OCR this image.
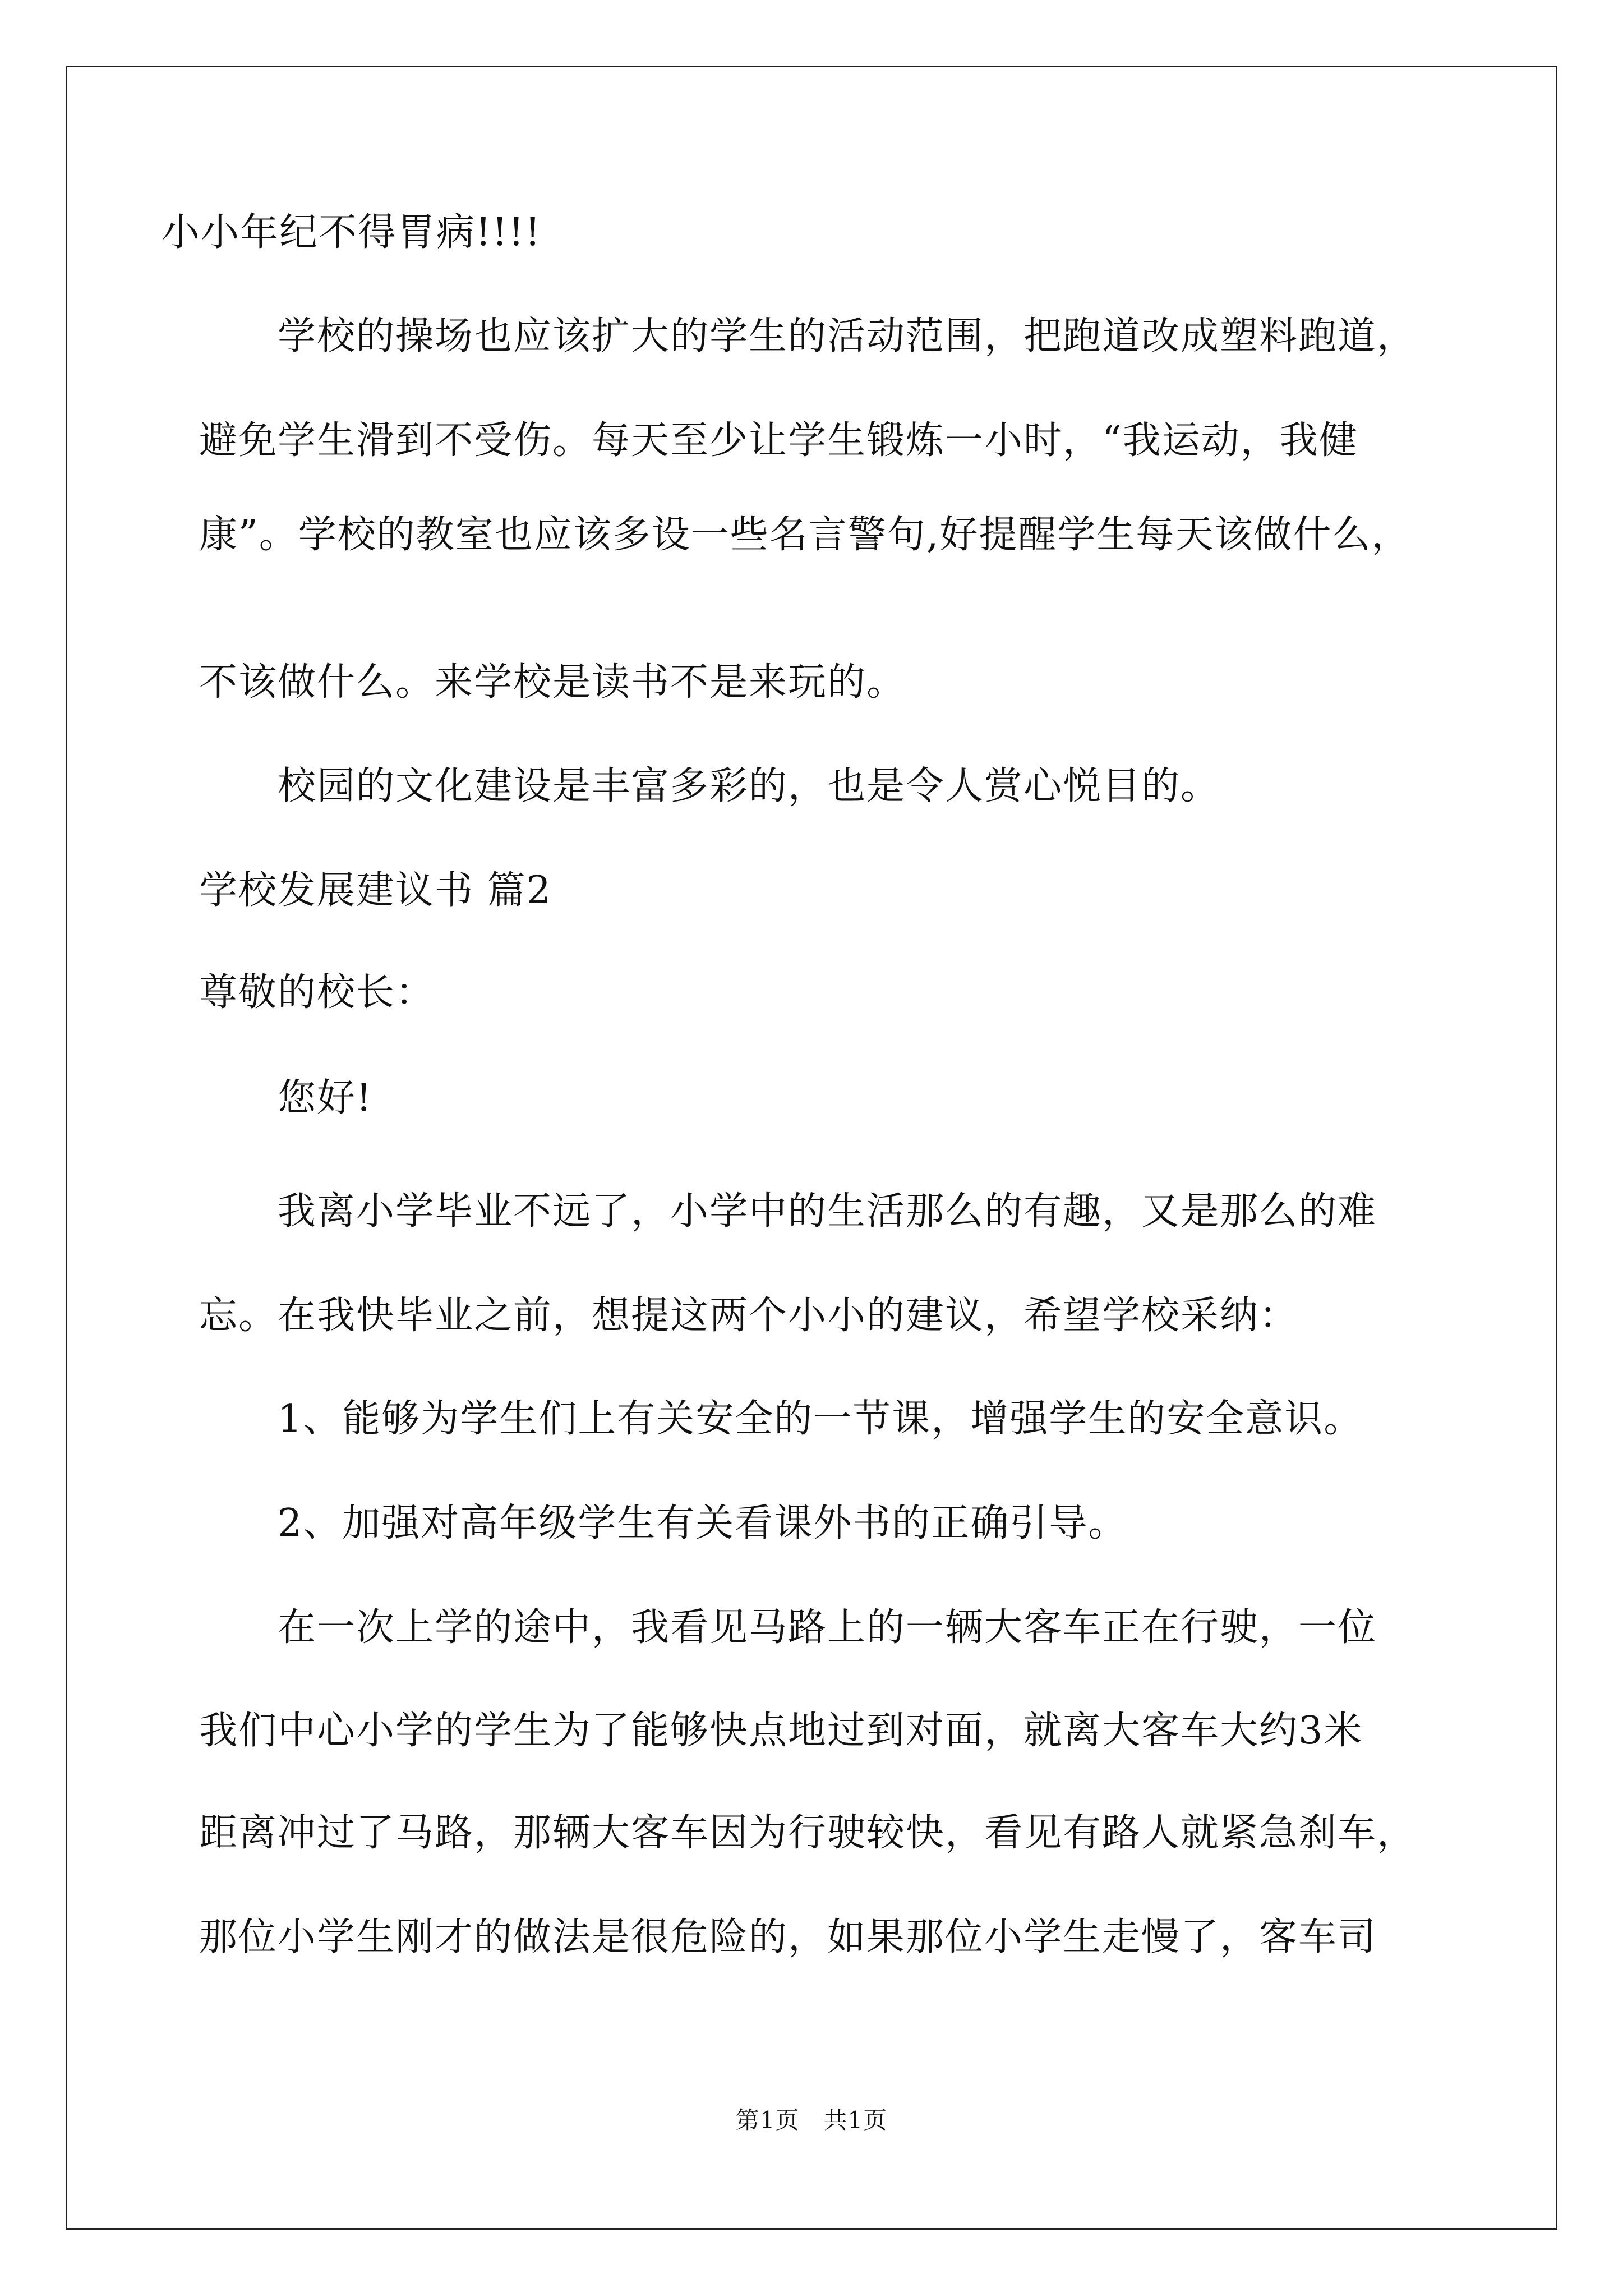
小小年纪不得胃病!!!!
学校的操场也应该扩大的学生的活动范围，把跑道改成塑料跑道，
避免学生滑到不受伤。每天至少让学生锻炼一小时，“我运动，我健
康”。学校的教室也应该多设一些名言警句,好提醒学生每天该做什么，
不该做什么。来学校是读书不是来玩的。
校园的文化建设是丰富多彩的，也是令人赏心悦目的。
学校发展建议书 篇2
尊敬的校长：
您好!
我离小学毕业不远了，小学中的生活那么的有趣，又是那么的难
忘。在我快毕业之前，想提这两个小小的建议，希望学校采纳：
1、能够为学生们上有关安全的一节课，增强学生的安全意识。
2、加强对高年级学生有关看课外书的正确引导。
在一次上学的途中，我看见马路上的一辆大客车正在行驶，一位
我们中心小学的学生为了能够快点地过到对面，就离大客车大约3米
距离冲过了马路，那辆大客车因为行驶较快，看见有路人就紧急刹车，
那位小学生刚才的做法是很危险的，如果那位小学生走慢了，客车司
第1页　共1页
